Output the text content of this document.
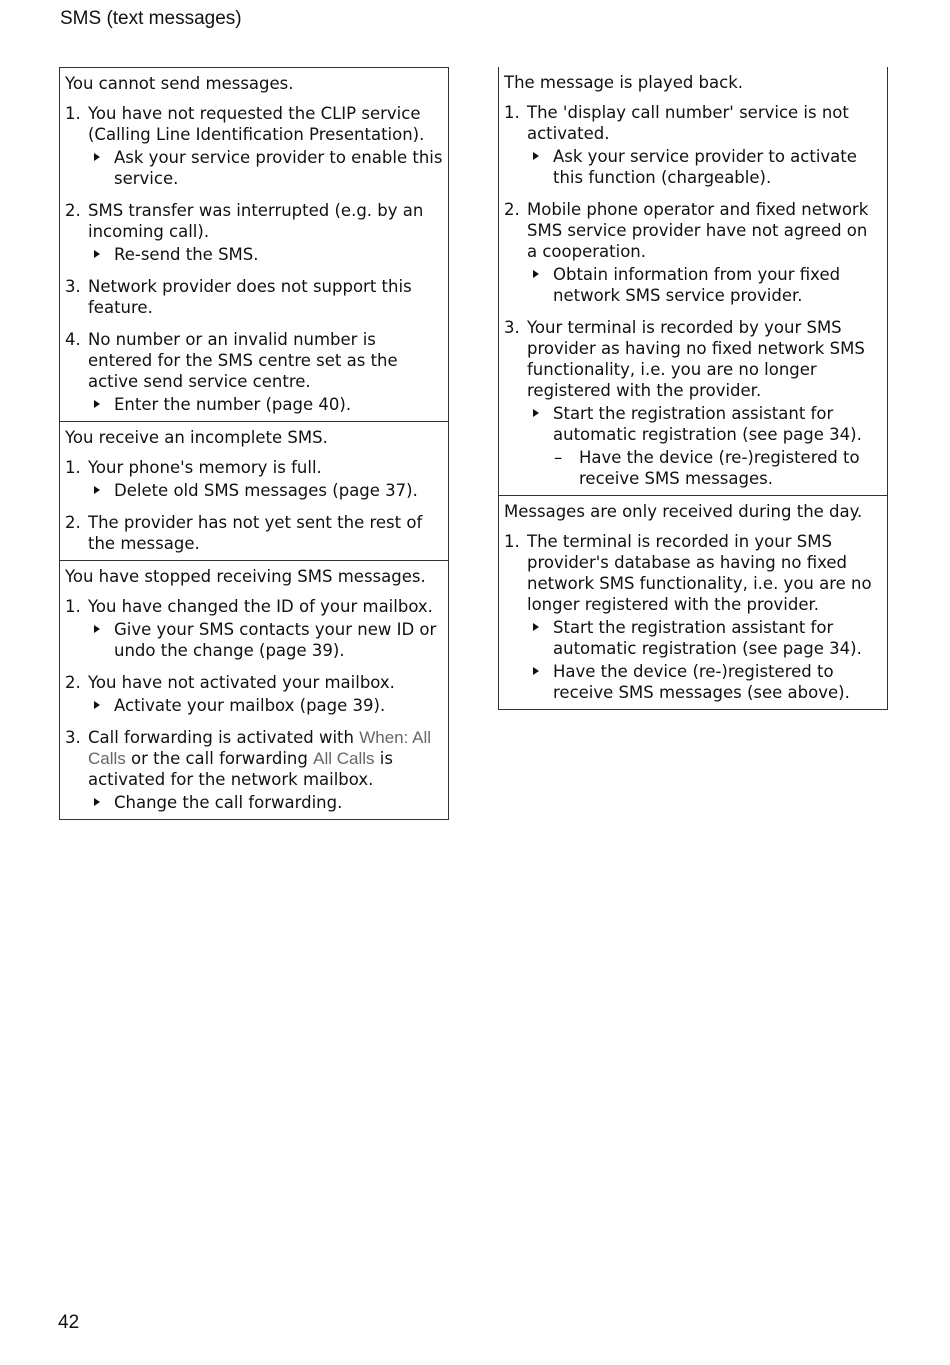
SMS (text messages)
You cannot send messages.
1. You have not requested the CLIP service (Calling Line Identification Presentation).
Ask your service provider to enable this service.
2. SMS transfer was interrupted (e.g. by an incoming call).
Re-send the SMS.
3. Network provider does not support this feature.
4. No number or an invalid number is entered for the SMS centre set as the active send service centre.
Enter the number (page 40).
You receive an incomplete SMS.
1. Your phone's memory is full.
Delete old SMS messages (page 37).
2. The provider has not yet sent the rest of the message.
You have stopped receiving SMS messages.
1. You have changed the ID of your mailbox.
Give your SMS contacts your new ID or undo the change (page 39).
2. You have not activated your mailbox.
Activate your mailbox (page 39).
3. Call forwarding is activated with When: All Calls or the call forwarding All Calls is activated for the network mailbox.
Change the call forwarding.
The message is played back.
1. The 'display call number' service is not activated.
Ask your service provider to activate this function (chargeable).
2. Mobile phone operator and fixed network SMS service provider have not agreed on a cooperation.
Obtain information from your fixed network SMS service provider.
3. Your terminal is recorded by your SMS provider as having no fixed network SMS functionality, i.e. you are no longer registered with the provider.
Start the registration assistant for automatic registration (see page 34).
– Have the device (re-)registered to receive SMS messages.
Messages are only received during the day.
1. The terminal is recorded in your SMS provider's database as having no fixed network SMS functionality, i.e. you are no longer registered with the provider.
Start the registration assistant for automatic registration (see page 34).
Have the device (re-)registered to receive SMS messages (see above).
42
